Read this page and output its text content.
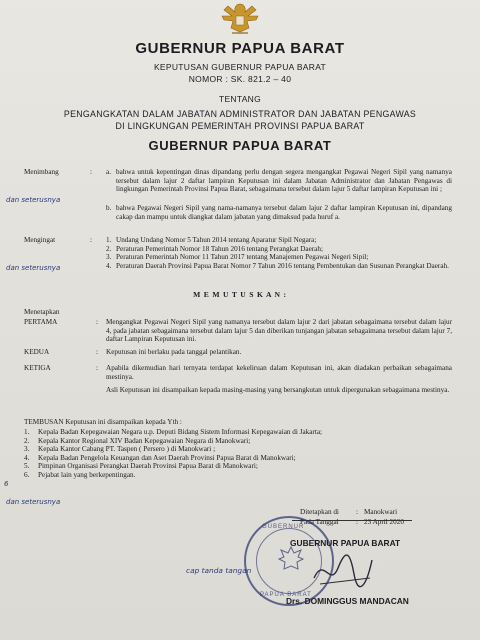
GUBERNUR PAPUA BARAT
KEPUTUSAN GUBERNUR PAPUA BARAT
NOMOR : SK. 821.2 – 40
TENTANG
PENGANGKATAN DALAM JABATAN ADMINISTRATOR DAN JABATAN PENGAWAS
DI LINGKUNGAN PEMERINTAH PROVINSI PAPUA BARAT
GUBERNUR PAPUA BARAT
Menimbang	: a. bahwa untuk kepentingan dinas dipandang perlu dengan segera mengangkat Pegawai Negeri Sipil yang namanya tersebut dalam lajur 2 daftar lampiran Keputusan ini dalam Jabatan Administrator dan Jabatan Pengawas di lingkungan Pemerintah Provinsi Papua Barat, sebagaimana tersebut dalam lajur 5 daftar lampiran Keputusan ini ;
b. bahwa Pegawai Negeri Sipil yang nama-namanya tersebut dalam lajur 2 daftar lampiran Keputusan ini, dipandang cakap dan mampu untuk diangkat dalam jabatan yang dimaksud pada huruf a.
dan seterusnya
Mengingat	: 1. Undang Undang Nomor 5 Tahun 2014 tentang Aparatur Sipil Negara;
2. Peraturan Pemerintah Nomor 18 Tahun 2016 tentang Perangkat Daerah;
3. Peraturan Pemerintah Nomor 11 Tahun 2017 tentang Manajemen Pegawai Negeri Sipil;
4. Peraturan Daerah Provinsi Papua Barat Nomor 7 Tahun 2016 tentang Pembentukan dan Susunan Perangkat Daerah.
dan seterusnya
M E M U T U S K A N :
Menetapkan
PERTAMA	: Mengangkat Pegawai Negeri Sipil yang namanya tersebut dalam lajur 2 dari jabatan sebagaimana tersebut dalam lajur 4, pada jabatan sebagaimana tersebut dalam lajur 5 dan diberikan tunjangan jabatan sebagaimana tersebut dalam lajur 7, daftar Lampiran Keputusan ini.
KEDUA	: Keputusan ini berlaku pada tanggal pelantikan.
KETIGA	: Apabila dikemudian hari ternyata terdapat kekeliruan dalam Keputusan ini, akan diadakan perbaikan sebagaimana mestinya.
Asli Keputusan ini disampaikan kepada masing-masing yang bersangkutan untuk dipergunakan sebagaimana mestinya.
TEMBUSAN Keputusan ini disampaikan kepada Yth :
1.	Kepala Badan Kepegawaian Negara u.p. Deputi Bidang Sistem Informasi Kepegawaian di Jakarta;
2.	Kepala Kantor Regional XIV Badan Kepegawaian Negara di Manokwari;
3.	Kepala Kantor Cabang PT. Taspen ( Persero ) di Manokwari ;
4.	Kepala Badan Pengelola Keuangan dan Aset Daerah Provinsi Papua Barat di Manokwari;
5.	Pimpinan Organisasi Perangkat Daerah Provinsi Papua Barat di Manokwari;
6.	Pejabat lain yang berkepentingan.
6
dan seterusnya
Ditetapkan di : Manokwari
Pada Tanggal : 23 April 2020
GUBERNUR
PAPUA BARAT
GUBERNUR PAPUA BARAT
cap tanda tangan
Drs. DOMINGGUS MANDACAN
